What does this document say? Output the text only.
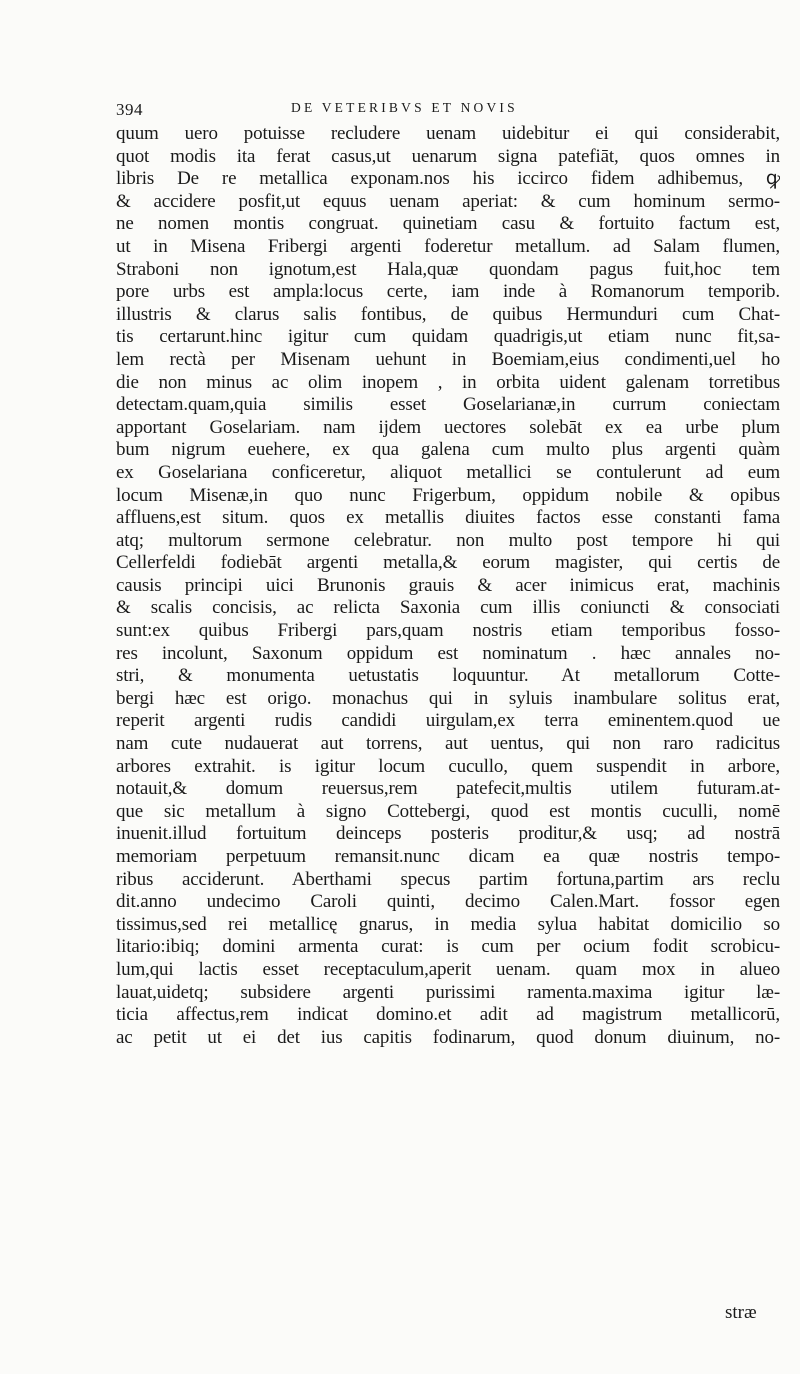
394	DE VETERIBVS ET NOVIS
quum uero potuisse recludere uenam uidebitur ei qui considerabit,
quot modis ita ferat casus,ut uenarum signa patefiāt, quos omnes in
libris De re metallica exponam.nos his iccirco fidem adhibemus, ꝙ
& accidere posfit,ut equus uenam aperiat: & cum hominum sermo-
ne nomen montis congruat. quinetiam casu & fortuito factum est,
ut in Misena Fribergi argenti foderetur metallum. ad Salam flumen,
Straboni non ignotum,est Hala,quæ quondam pagus fuit,hoc tem
pore urbs est ampla:locus certe, iam inde à Romanorum temporib.
illustris & clarus salis fontibus, de quibus Hermunduri cum Chat-
tis certarunt.hinc igitur cum quidam quadrigis,ut etiam nunc fit,sa-
lem rectà per Misenam uehunt in Boemiam,eius condimenti,uel ho
die non minus ac olim inopem , in orbita uident galenam torretibus
detectam.quam,quia similis esset Goselarianæ,in currum coniectam
apportant Goselariam. nam ijdem uectores solebāt ex ea urbe plum
bum nigrum euehere, ex qua galena cum multo plus argenti quàm
ex Goselariana conficeretur, aliquot metallici se contulerunt ad eum
locum Misenæ,in quo nunc Frigerbum, oppidum nobile & opibus
affluens,est situm. quos ex metallis diuites factos esse constanti fama
atq; multorum sermone celebratur. non multo post tempore hi qui
Cellerfeldi fodiebāt argenti metalla,& eorum magister, qui certis de
causis principi uici Brunonis grauis & acer inimicus erat, machinis
& scalis concisis, ac relicta Saxonia cum illis coniuncti & consociati
sunt:ex quibus Fribergi pars,quam nostris etiam temporibus fosso-
res incolunt, Saxonum oppidum est nominatum . hæc annales no-
stri, & monumenta uetustatis loquuntur. At metallorum Cotte-
bergi hæc est origo. monachus qui in syluis inambulare solitus erat,
reperit argenti rudis candidi uirgulam,ex terra eminentem.quod ue
nam cute nudauerat aut torrens, aut uentus, qui non raro radicitus
arbores extrahit. is igitur locum cucullo, quem suspendit in arbore,
notauit,& domum reuersus,rem patefecit,multis utilem futuram.at-
que sic metallum à signo Cottebergi, quod est montis cuculli, nomē
inuenit.illud fortuitum deinceps posteris proditur,& usq; ad nostrā
memoriam perpetuum remansit.nunc dicam ea quæ nostris tempo-
ribus acciderunt. Aberthami specus partim fortuna,partim ars reclu
dit.anno undecimo Caroli quinti, decimo Calen.Mart. fossor egen
tissimus,sed rei metallicę gnarus, in media sylua habitat domicilio so
litario:ibiq; domini armenta curat: is cum per ocium fodit scrobicu-
lum,qui lactis esset receptaculum,aperit uenam. quam mox in alueo
lauat,uidetq; subsidere argenti purissimi ramenta.maxima igitur læ-
ticia affectus,rem indicat domino.et adit ad magistrum metallicorū,
ac petit ut ei det ius capitis fodinarum, quod donum diuinum, no-
stræ
